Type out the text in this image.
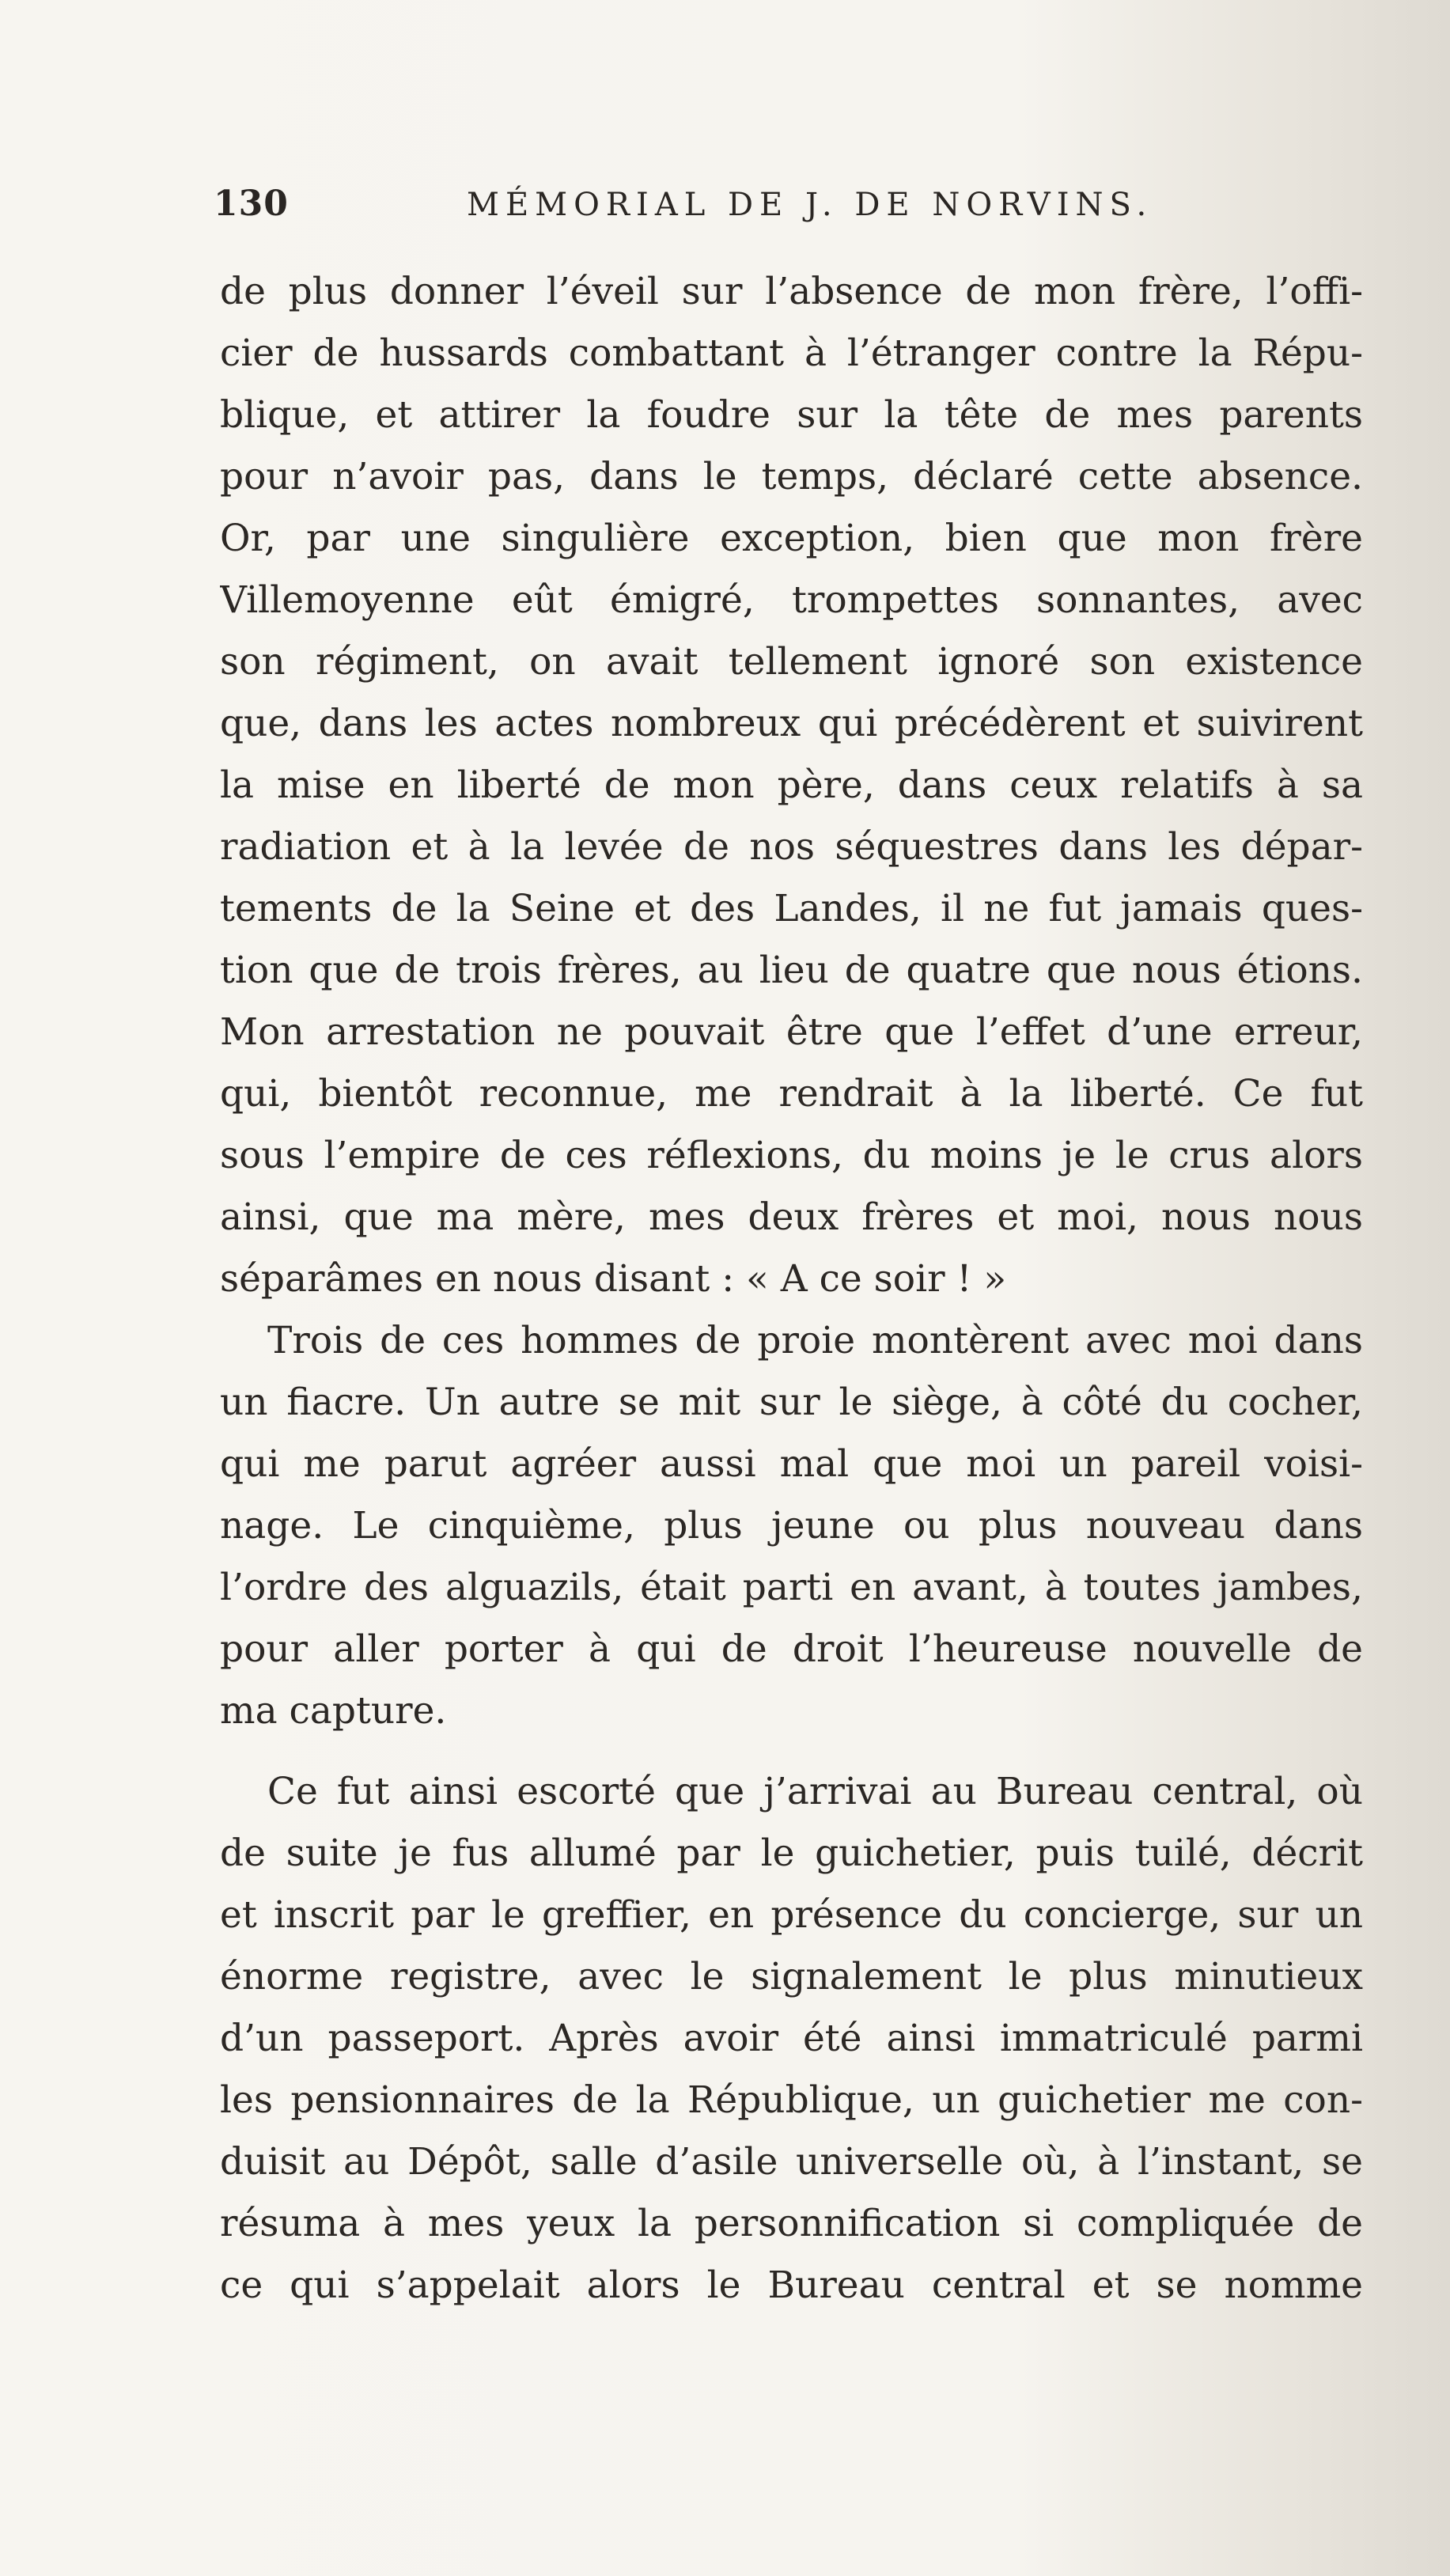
130	MÉMORIAL DE J. DE NORVINS.
de plus donner l’éveil sur l’absence de mon frère, l’offi-
cier de hussards combattant à l’étranger contre la Répu-
blique, et attirer la foudre sur la tête de mes parents
pour n’avoir pas, dans le temps, déclaré cette absence.
Or, par une singulière exception, bien que mon frère
Villemoyenne eût émigré, trompettes sonnantes, avec
son régiment, on avait tellement ignoré son existence
que, dans les actes nombreux qui précédèrent et suivirent
la mise en liberté de mon père, dans ceux relatifs à sa
radiation et à la levée de nos séquestres dans les dépar-
tements de la Seine et des Landes, il ne fut jamais ques-
tion que de trois frères, au lieu de quatre que nous étions.
Mon arrestation ne pouvait être que l’effet d’une erreur,
qui, bientôt reconnue, me rendrait à la liberté. Ce fut
sous l’empire de ces réflexions, du moins je le crus alors
ainsi, que ma mère, mes deux frères et moi, nous nous
séparâmes en nous disant : « A ce soir ! »
Trois de ces hommes de proie montèrent avec moi dans
un fiacre. Un autre se mit sur le siège, à côté du cocher,
qui me parut agréer aussi mal que moi un pareil voisi-
nage. Le cinquième, plus jeune ou plus nouveau dans
l’ordre des alguazils, était parti en avant, à toutes jambes,
pour aller porter à qui de droit l’heureuse nouvelle de
ma capture.
Ce fut ainsi escorté que j’arrivai au Bureau central, où
de suite je fus allumé par le guichetier, puis tuilé, décrit
et inscrit par le greffier, en présence du concierge, sur un
énorme registre, avec le signalement le plus minutieux
d’un passeport. Après avoir été ainsi immatriculé parmi
les pensionnaires de la République, un guichetier me con-
duisit au Dépôt, salle d’asile universelle où, à l’instant, se
résuma à mes yeux la personnification si compliquée de
ce qui s’appelait alors le Bureau central et se nomme
